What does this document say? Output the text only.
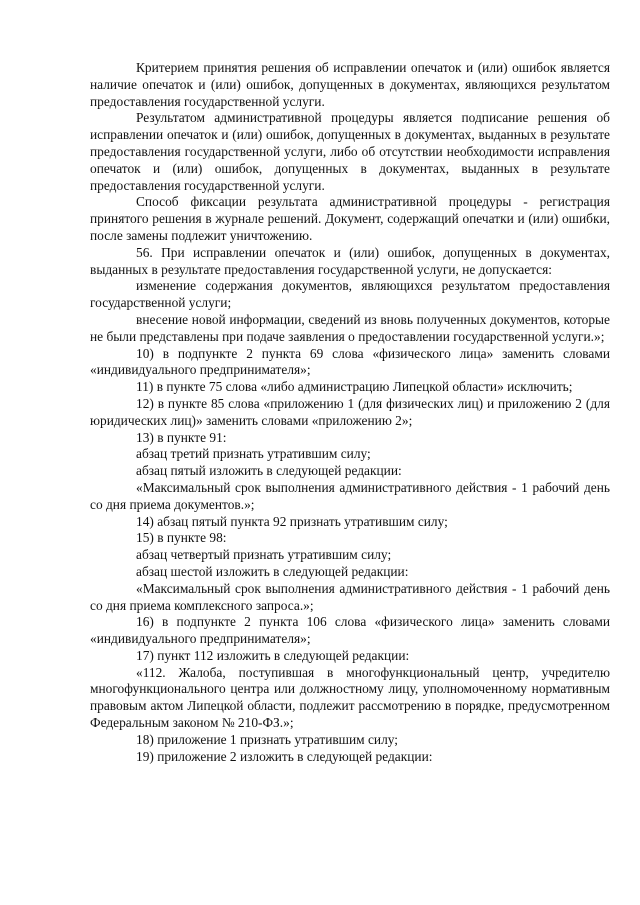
Критерием принятия решения об исправлении опечаток и (или) ошибок является наличие опечаток и (или) ошибок, допущенных в документах, являющихся результатом предоставления государственной услуги.

Результатом административной процедуры является подписание решения об исправлении опечаток и (или) ошибок, допущенных в документах, выданных в результате предоставления государственной услуги, либо об отсутствии необходимости исправления опечаток и (или) ошибок, допущенных в документах, выданных в результате предоставления государственной услуги.

Способ фиксации результата административной процедуры - регистрация принятого решения в журнале решений. Документ, содержащий опечатки и (или) ошибки, после замены подлежит уничтожению.

56. При исправлении опечаток и (или) ошибок, допущенных в документах, выданных в результате предоставления государственной услуги, не допускается:

изменение содержания документов, являющихся результатом предоставления государственной услуги;

внесение новой информации, сведений из вновь полученных документов, которые не были представлены при подаче заявления о предоставлении государственной услуги.»;

10) в подпункте 2 пункта 69 слова «физического лица» заменить словами «индивидуального предпринимателя»;

11) в пункте 75 слова «либо администрацию Липецкой области» исключить;

12) в пункте 85 слова «приложению 1 (для физических лиц) и приложению 2 (для юридических лиц)» заменить словами «приложению 2»;

13) в пункте 91:

абзац третий признать утратившим силу;

абзац пятый изложить в следующей редакции:

«Максимальный срок выполнения административного действия - 1 рабочий день со дня приема документов.»;

14) абзац пятый пункта 92 признать утратившим силу;

15) в пункте 98:

абзац четвертый признать утратившим силу;

абзац шестой изложить в следующей редакции:

«Максимальный срок выполнения административного действия - 1 рабочий день со дня приема комплексного запроса.»;

16) в подпункте 2 пункта 106 слова «физического лица» заменить словами «индивидуального предпринимателя»;

17) пункт 112 изложить в следующей редакции:

«112. Жалоба, поступившая в многофункциональный центр, учредителю многофункционального центра или должностному лицу, уполномоченному нормативным правовым актом Липецкой области, подлежит рассмотрению в порядке, предусмотренном Федеральным законом № 210-ФЗ.»;

18) приложение 1 признать утратившим силу;

19) приложение 2 изложить в следующей редакции:
